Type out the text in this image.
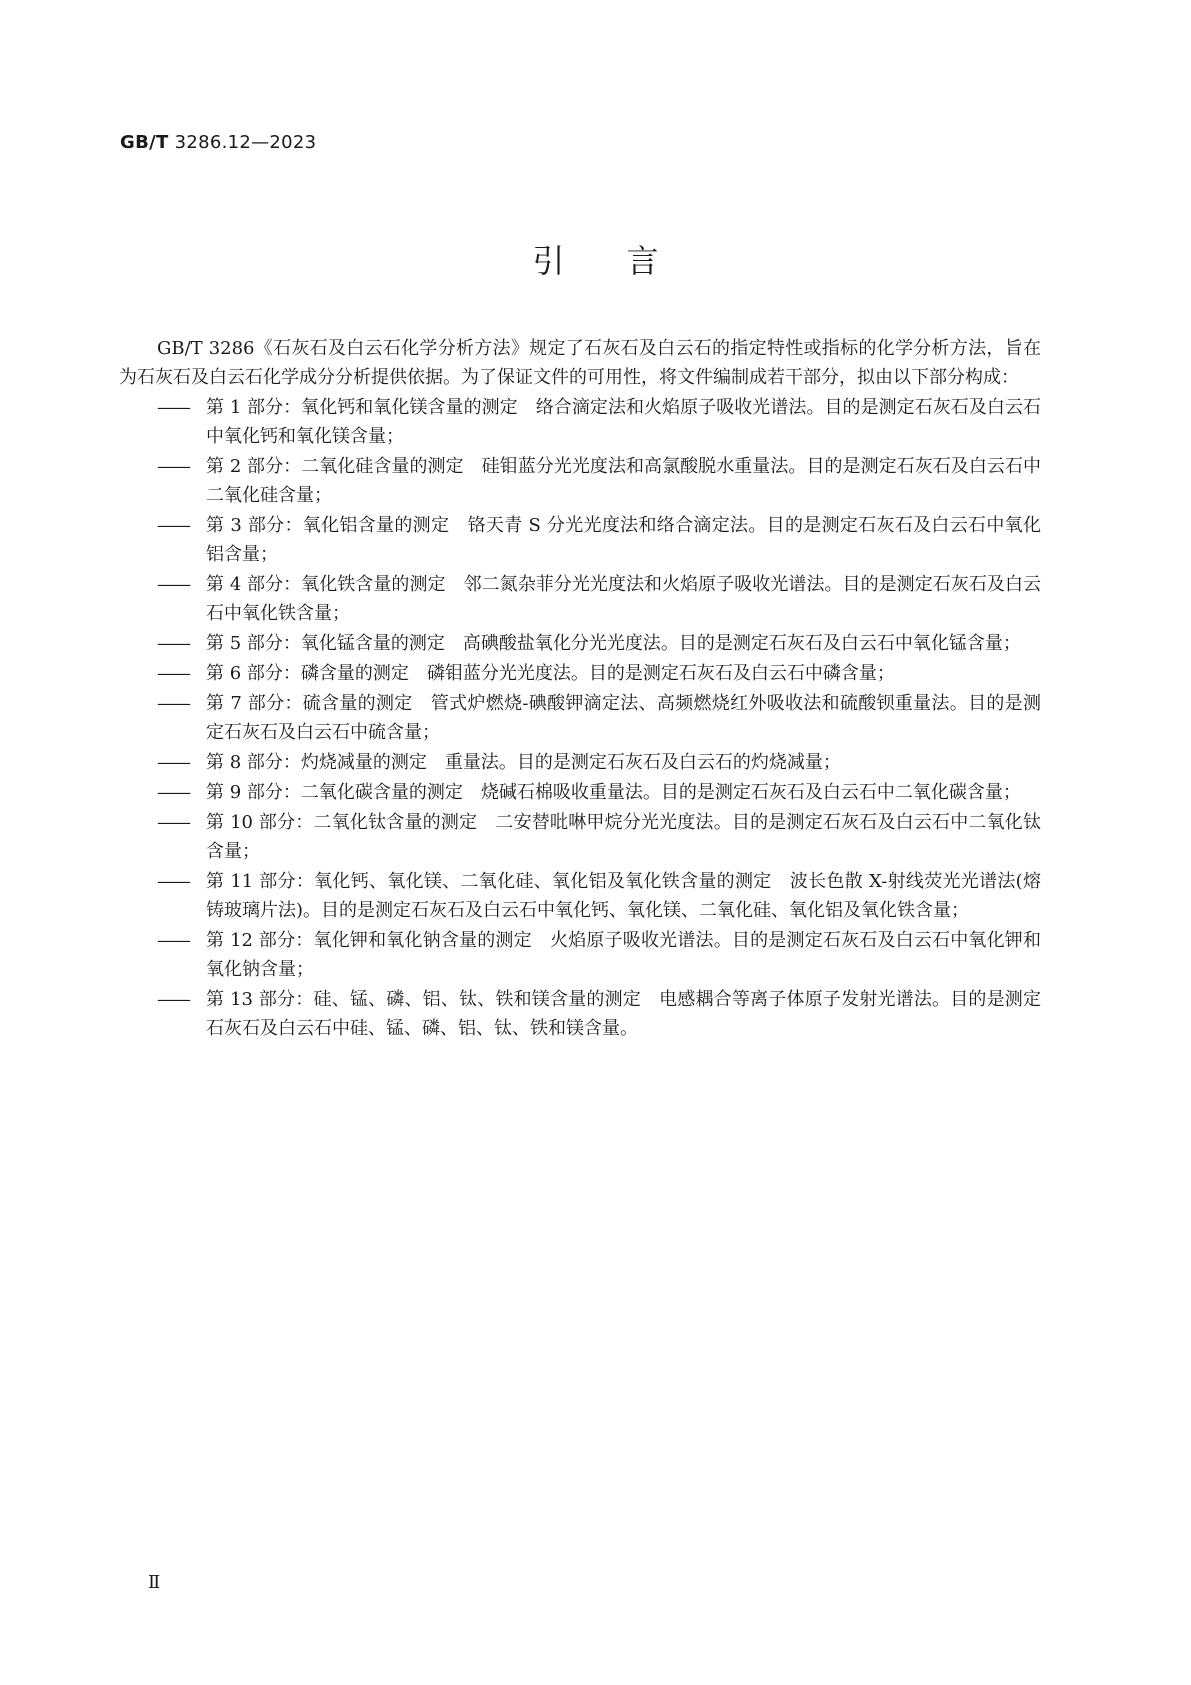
GB/T 3286.12—2023
引 言

GB/T 3286《石灰石及白云石化学分析方法》规定了石灰石及白云石的指定特性或指标的化学分析方法，旨在为石灰石及白云石化学成分分析提供依据。为了保证文件的可用性，将文件编制成若干部分，拟由以下部分构成：

—— 第 1 部分：氧化钙和氧化镁含量的测定　络合滴定法和火焰原子吸收光谱法。目的是测定石灰石及白云石中氧化钙和氧化镁含量；
—— 第 2 部分：二氧化硅含量的测定　硅钼蓝分光光度法和高氯酸脱水重量法。目的是测定石灰石及白云石中二氧化硅含量；
—— 第 3 部分：氧化铝含量的测定　铬天青 S 分光光度法和络合滴定法。目的是测定石灰石及白云石中氧化铝含量；
—— 第 4 部分：氧化铁含量的测定　邻二氮杂菲分光光度法和火焰原子吸收光谱法。目的是测定石灰石及白云石中氧化铁含量；
—— 第 5 部分：氧化锰含量的测定　高碘酸盐氧化分光光度法。目的是测定石灰石及白云石中氧化锰含量；
—— 第 6 部分：磷含量的测定　磷钼蓝分光光度法。目的是测定石灰石及白云石中磷含量；
—— 第 7 部分：硫含量的测定　管式炉燃烧-碘酸钾滴定法、高频燃烧红外吸收法和硫酸钡重量法。目的是测定石灰石及白云石中硫含量；
—— 第 8 部分：灼烧减量的测定　重量法。目的是测定石灰石及白云石的灼烧减量；
—— 第 9 部分：二氧化碳含量的测定　烧碱石棉吸收重量法。目的是测定石灰石及白云石中二氧化碳含量；
—— 第 10 部分：二氧化钛含量的测定　二安替吡啉甲烷分光光度法。目的是测定石灰石及白云石中二氧化钛含量；
—— 第 11 部分：氧化钙、氧化镁、二氧化硅、氧化铝及氧化铁含量的测定　波长色散 X-射线荧光光谱法(熔铸玻璃片法)。目的是测定石灰石及白云石中氧化钙、氧化镁、二氧化硅、氧化铝及氧化铁含量；
—— 第 12 部分：氧化钾和氧化钠含量的测定　火焰原子吸收光谱法。目的是测定石灰石及白云石中氧化钾和氧化钠含量；
—— 第 13 部分：硅、锰、磷、铝、钛、铁和镁含量的测定　电感耦合等离子体原子发射光谱法。目的是测定石灰石及白云石中硅、锰、磷、铝、钛、铁和镁含量。
Ⅱ
